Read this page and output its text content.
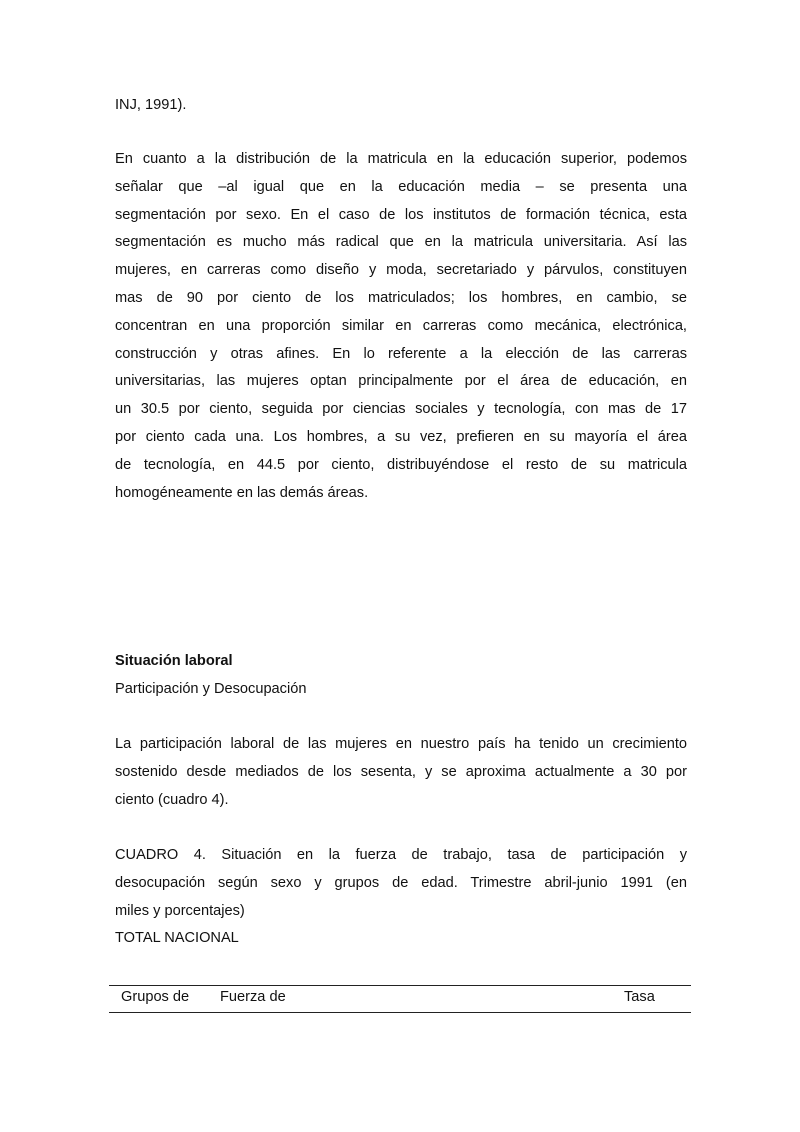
INJ, 1991).
En cuanto a la distribución de la matricula en la educación superior, podemos
señalar que –al igual que en la educación media – se presenta una
segmentación por sexo. En el caso de los institutos de formación técnica, esta
segmentación es mucho más radical que en la matricula universitaria. Así las
mujeres, en carreras como diseño y moda, secretariado y párvulos, constituyen
mas de 90 por ciento de los matriculados; los hombres, en cambio, se
concentran en una proporción similar en carreras como mecánica, electrónica,
construcción y otras afines. En lo referente a la elección de las carreras
universitarias, las mujeres optan principalmente por el área de educación, en
un 30.5 por ciento, seguida por ciencias sociales y tecnología, con mas de 17
por ciento cada una. Los hombres, a su vez, prefieren en su mayoría el área
de tecnología, en 44.5 por ciento, distribuyéndose el resto de su matricula
homogéneamente en las demás áreas.
Situación laboral
Participación y Desocupación
La participación laboral de las mujeres en nuestro país ha tenido un crecimiento
sostenido desde mediados de los sesenta, y se aproxima actualmente a 30 por
ciento (cuadro 4).
CUADRO 4. Situación en la fuerza de trabajo, tasa de participación y
desocupación según sexo y grupos de edad. Trimestre abril-junio 1991 (en
miles y porcentajes)
TOTAL NACIONAL
Grupos de Fuerza de	Tasa
